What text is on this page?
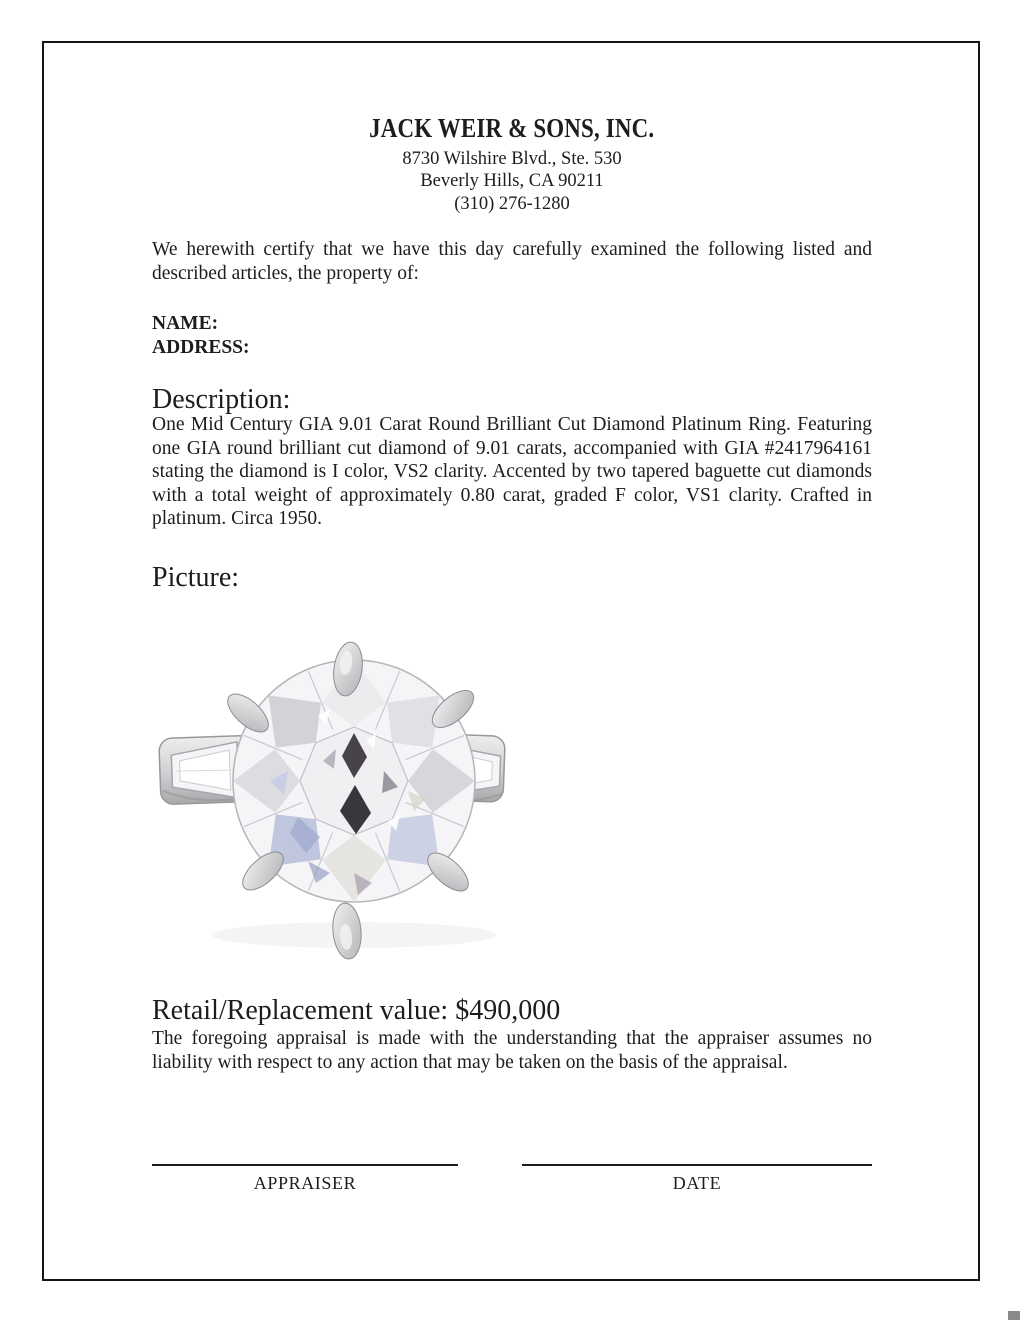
JACK WEIR & SONS, INC.
8730 Wilshire Blvd., Ste. 530
Beverly Hills, CA 90211
(310) 276-1280
We herewith certify that we have this day carefully examined the following listed and described articles, the property of:
NAME:
ADDRESS:
Description:
One Mid Century GIA 9.01 Carat Round Brilliant Cut Diamond Platinum Ring. Featuring one GIA round brilliant cut diamond of 9.01 carats, accompanied with GIA #2417964161 stating the diamond is I color, VS2 clarity. Accented by two tapered baguette cut diamonds with a total weight of approximately 0.80 carat, graded F color, VS1 clarity. Crafted in platinum. Circa 1950.
Picture:
Retail/Replacement value: $490,000
The foregoing appraisal is made with the understanding that the appraiser assumes no liability with respect to any action that may be taken on the basis of the appraisal.
APPRAISER	DATE
